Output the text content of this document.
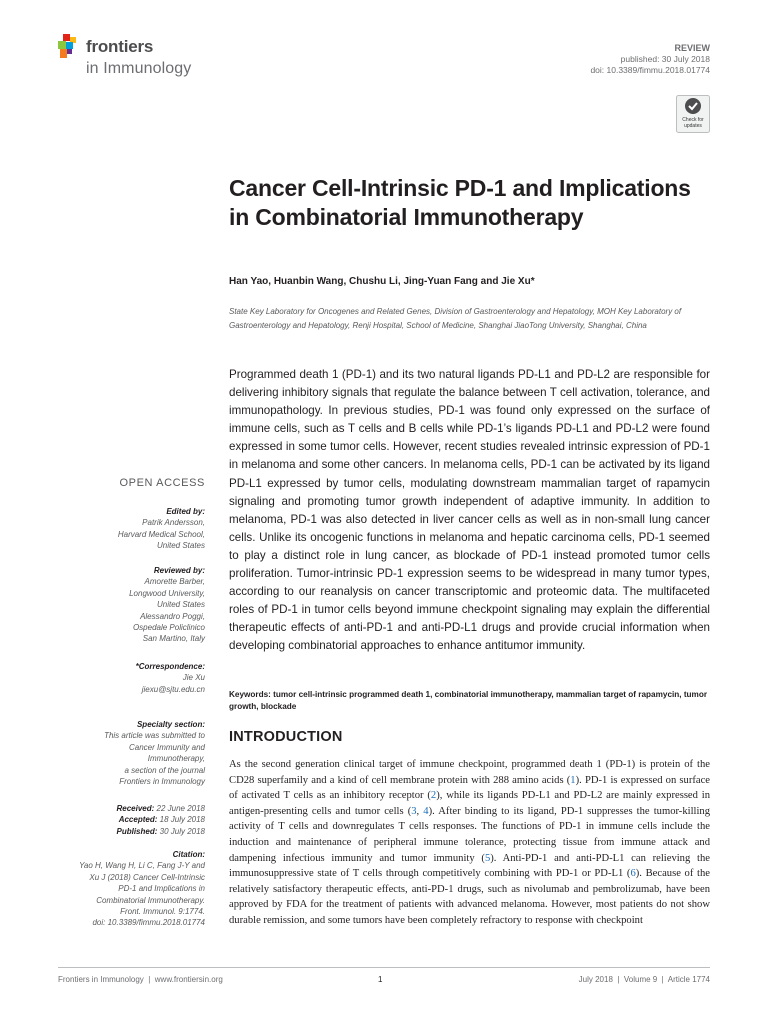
frontiers
in Immunology
REVIEW
published: 30 July 2018
doi: 10.3389/fimmu.2018.01774
Check for updates
Cancer Cell-Intrinsic PD-1 and Implications in Combinatorial Immunotherapy
Han Yao, Huanbin Wang, Chushu Li, Jing-Yuan Fang and Jie Xu*
State Key Laboratory for Oncogenes and Related Genes, Division of Gastroenterology and Hepatology, MOH Key Laboratory of Gastroenterology and Hepatology, Renji Hospital, School of Medicine, Shanghai JiaoTong University, Shanghai, China

Programmed death 1 (PD-1) and its two natural ligands PD-L1 and PD-L2 are responsible for delivering inhibitory signals that regulate the balance between T cell activation, tolerance, and immunopathology. In previous studies, PD-1 was found only expressed on the surface of immune cells, such as T cells and B cells while PD-1’s ligands PD-L1 and PD-L2 were found expressed in some tumor cells. However, recent studies revealed intrinsic expression of PD-1 in melanoma and some other cancers. In melanoma cells, PD-1 can be activated by its ligand PD-L1 expressed by tumor cells, modulating downstream mammalian target of rapamycin signaling and promoting tumor growth independent of adaptive immunity. In addition to melanoma, PD-1 was also detected in liver cancer cells as well as in non-small lung cancer cells. Unlike its oncogenic functions in melanoma and hepatic carcinoma cells, PD-1 seemed to play a distinct role in lung cancer, as blockade of PD-1 instead promoted tumor cells proliferation. Tumor-intrinsic PD-1 expression seems to be widespread in many tumor types, according to our reanalysis on cancer transcriptomic and proteomic data. The multifaceted roles of PD-1 in tumor cells beyond immune checkpoint signaling may explain the differential therapeutic effects of anti-PD-1 and anti-PD-L1 drugs and provide crucial information when developing combinatorial approaches to enhance antitumor immunity.

Keywords: tumor cell-intrinsic programmed death 1, combinatorial immunotherapy, mammalian target of rapamycin, tumor growth, blockade
INTRODUCTION

As the second generation clinical target of immune checkpoint, programmed death 1 (PD-1) is protein of the CD28 superfamily and a kind of cell membrane protein with 288 amino acids (1). PD-1 is expressed on surface of activated T cells as an inhibitory receptor (2), while its ligands PD-L1 and PD-L2 are mainly expressed in antigen-presenting cells and tumor cells (3, 4). After binding to its ligand, PD-1 suppresses the tumor-killing activity of T cells and downregulates T cells responses. The functions of PD-1 in immune cells include the induction and maintenance of peripheral immune tolerance, protecting tissue from immune attack and dampening infectious immunity and tumor immunity (5). Anti-PD-1 and anti-PD-L1 can relieving the immunosuppressive state of T cells through competitively combining with PD-1 or PD-L1 (6). Because of the relatively satisfactory therapeutic effects, anti-PD-1 drugs, such as nivolumab and pembrolizumab, have been approved by FDA for the treatment of patients with advanced melanoma. However, most patients do not show durable remission, and some tumors have been completely refractory to response with checkpoint

OPEN ACCESS
Edited by:
Patrik Andersson,
Harvard Medical School,
United States
Reviewed by:
Amorette Barber,
Longwood University,
United States
Alessandro Poggi,
Ospedale Policlinico
San Martino, Italy
*Correspondence:
Jie Xu
jiexu@sjtu.edu.cn
Specialty section:
This article was submitted to
Cancer Immunity and
Immunotherapy,
a section of the journal
Frontiers in Immunology
Received: 22 June 2018
Accepted: 18 July 2018
Published: 30 July 2018
Citation:
Yao H, Wang H, Li C, Fang J-Y and
Xu J (2018) Cancer Cell-Intrinsic
PD-1 and Implications in
Combinatorial Immunotherapy.
Front. Immunol. 9:1774.
doi: 10.3389/fimmu.2018.01774
Frontiers in Immunology  |  www.frontiersin.org	1	July 2018  |  Volume 9  |  Article 1774
